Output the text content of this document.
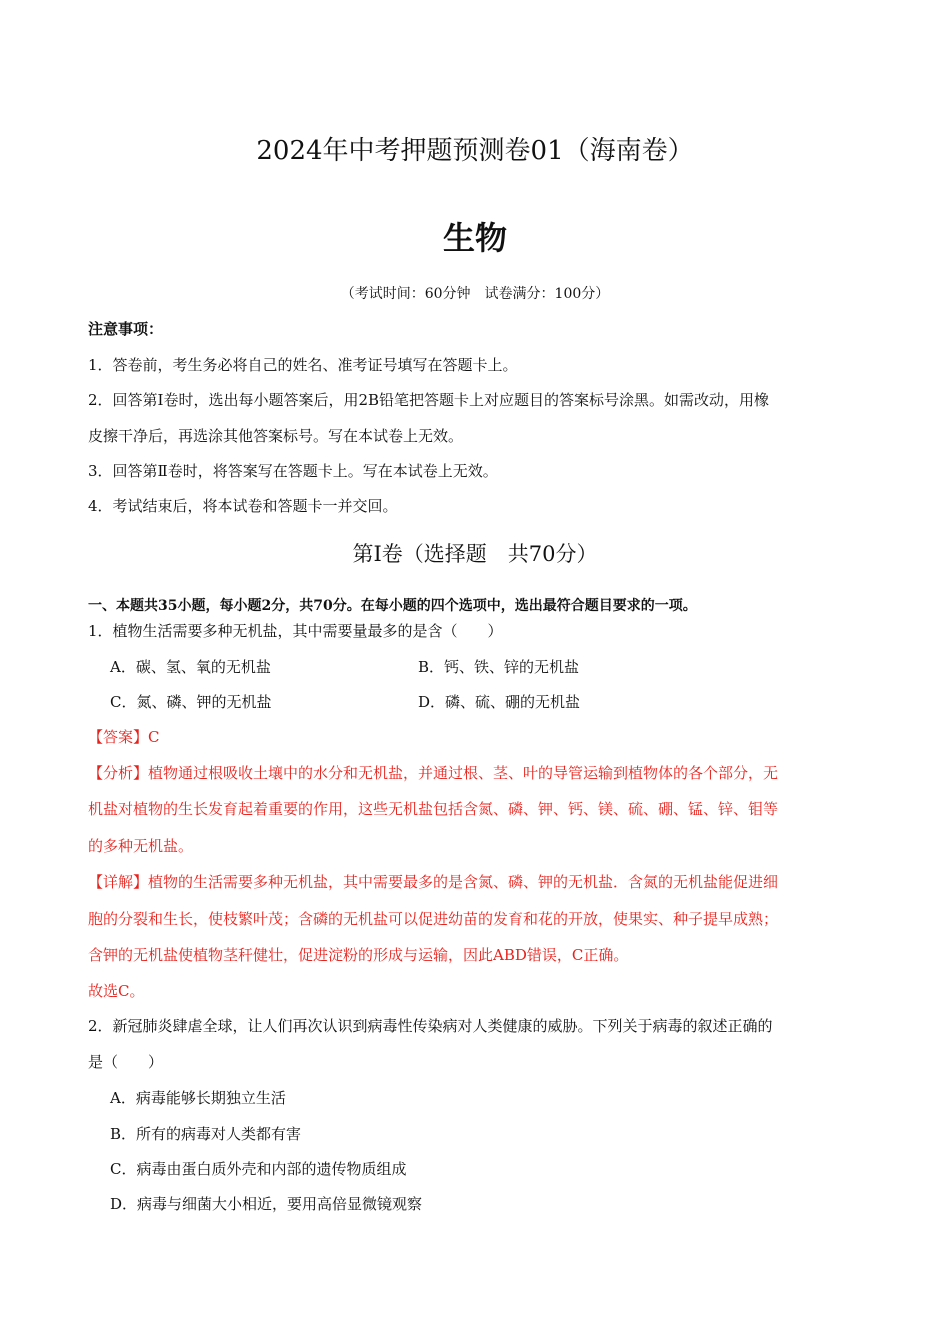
2024年中考押题预测卷01（海南卷）
生物
（考试时间：60分钟　试卷满分：100分）
注意事项：
1．答卷前，考生务必将自己的姓名、准考证号填写在答题卡上。
2．回答第Ⅰ卷时，选出每小题答案后，用2B铅笔把答题卡上对应题目的答案标号涂黑。如需改动，用橡
皮擦干净后，再选涂其他答案标号。写在本试卷上无效。
3．回答第Ⅱ卷时，将答案写在答题卡上。写在本试卷上无效。
4．考试结束后，将本试卷和答题卡一并交回。
第Ⅰ卷（选择题　共70分）
一、本题共35小题，每小题2分，共70分。在每小题的四个选项中，选出最符合题目要求的一项。
1．植物生活需要多种无机盐，其中需要量最多的是含（　　）
A．碳、氢、氧的无机盐	B．钙、铁、锌的无机盐
C．氮、磷、钾的无机盐	D．磷、硫、硼的无机盐
【答案】C
【分析】植物通过根吸收土壤中的水分和无机盐，并通过根、茎、叶的导管运输到植物体的各个部分，无
机盐对植物的生长发育起着重要的作用，这些无机盐包括含氮、磷、钾、钙、镁、硫、硼、锰、锌、钼等
的多种无机盐。
【详解】植物的生活需要多种无机盐，其中需要最多的是含氮、磷、钾的无机盐．含氮的无机盐能促进细
胞的分裂和生长，使枝繁叶茂；含磷的无机盐可以促进幼苗的发育和花的开放，使果实、种子提早成熟；
含钾的无机盐使植物茎秆健壮，促进淀粉的形成与运输，因此ABD错误，C正确。
故选C。
2．新冠肺炎肆虐全球，让人们再次认识到病毒性传染病对人类健康的威胁。下列关于病毒的叙述正确的
是（　　）
A．病毒能够长期独立生活
B．所有的病毒对人类都有害
C．病毒由蛋白质外壳和内部的遗传物质组成
D．病毒与细菌大小相近，要用高倍显微镜观察
